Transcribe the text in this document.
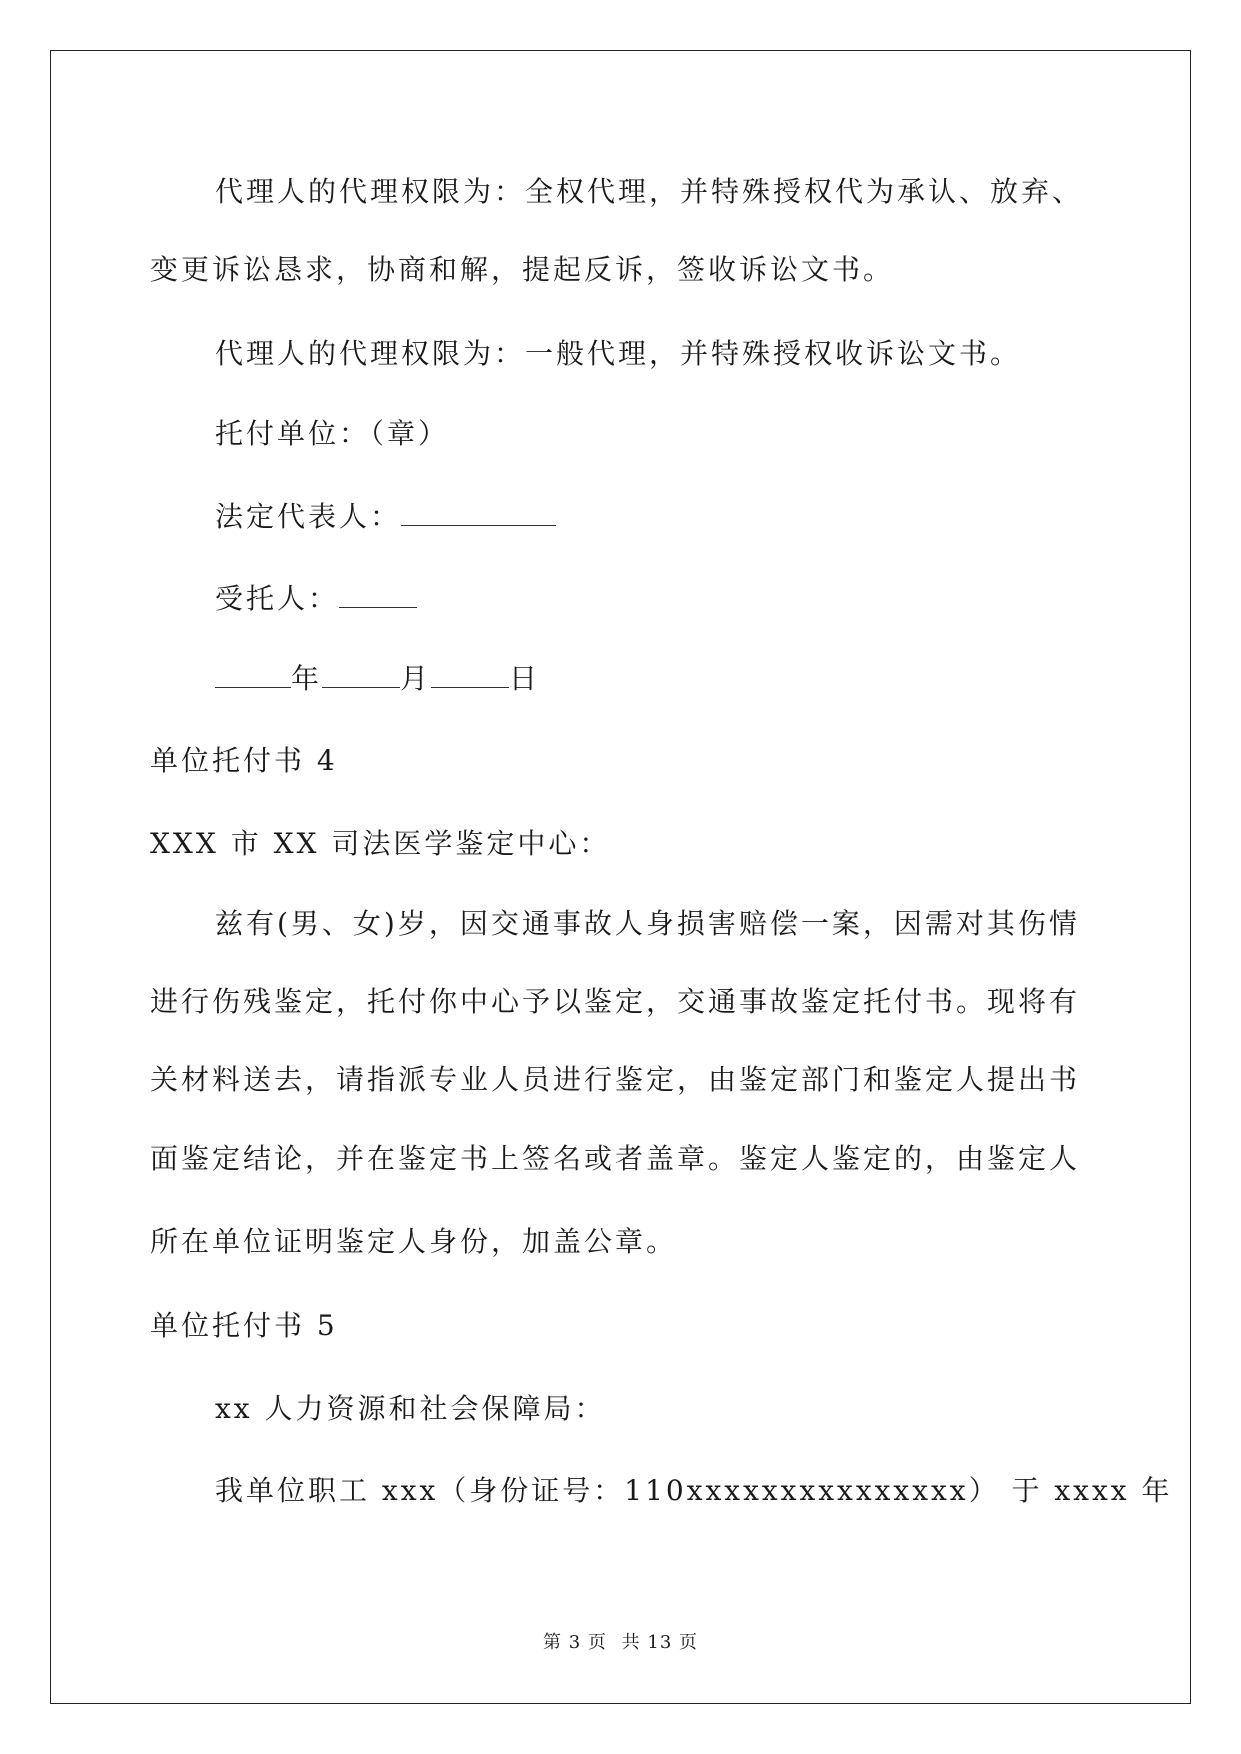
代理人的代理权限为：全权代理，并特殊授权代为承认、放弃、
变更诉讼恳求，协商和解，提起反诉，签收诉讼文书。
代理人的代理权限为：一般代理，并特殊授权收诉讼文书。
托付单位：（章）
法定代表人：
受托人：
年	月	日
单位托付书 4
XXX 市 XX 司法医学鉴定中心：
兹有(男、女)岁，因交通事故人身损害赔偿一案，因需对其伤情
进行伤残鉴定，托付你中心予以鉴定，交通事故鉴定托付书。现将有
关材料送去，请指派专业人员进行鉴定，由鉴定部门和鉴定人提出书
面鉴定结论，并在鉴定书上签名或者盖章。鉴定人鉴定的，由鉴定人
所在单位证明鉴定人身份，加盖公章。
单位托付书 5
xx 人力资源和社会保障局：
我单位职工 xxx（身份证号：110xxxxxxxxxxxxxxx） 于 xxxx 年
第 3 页 共 13 页
